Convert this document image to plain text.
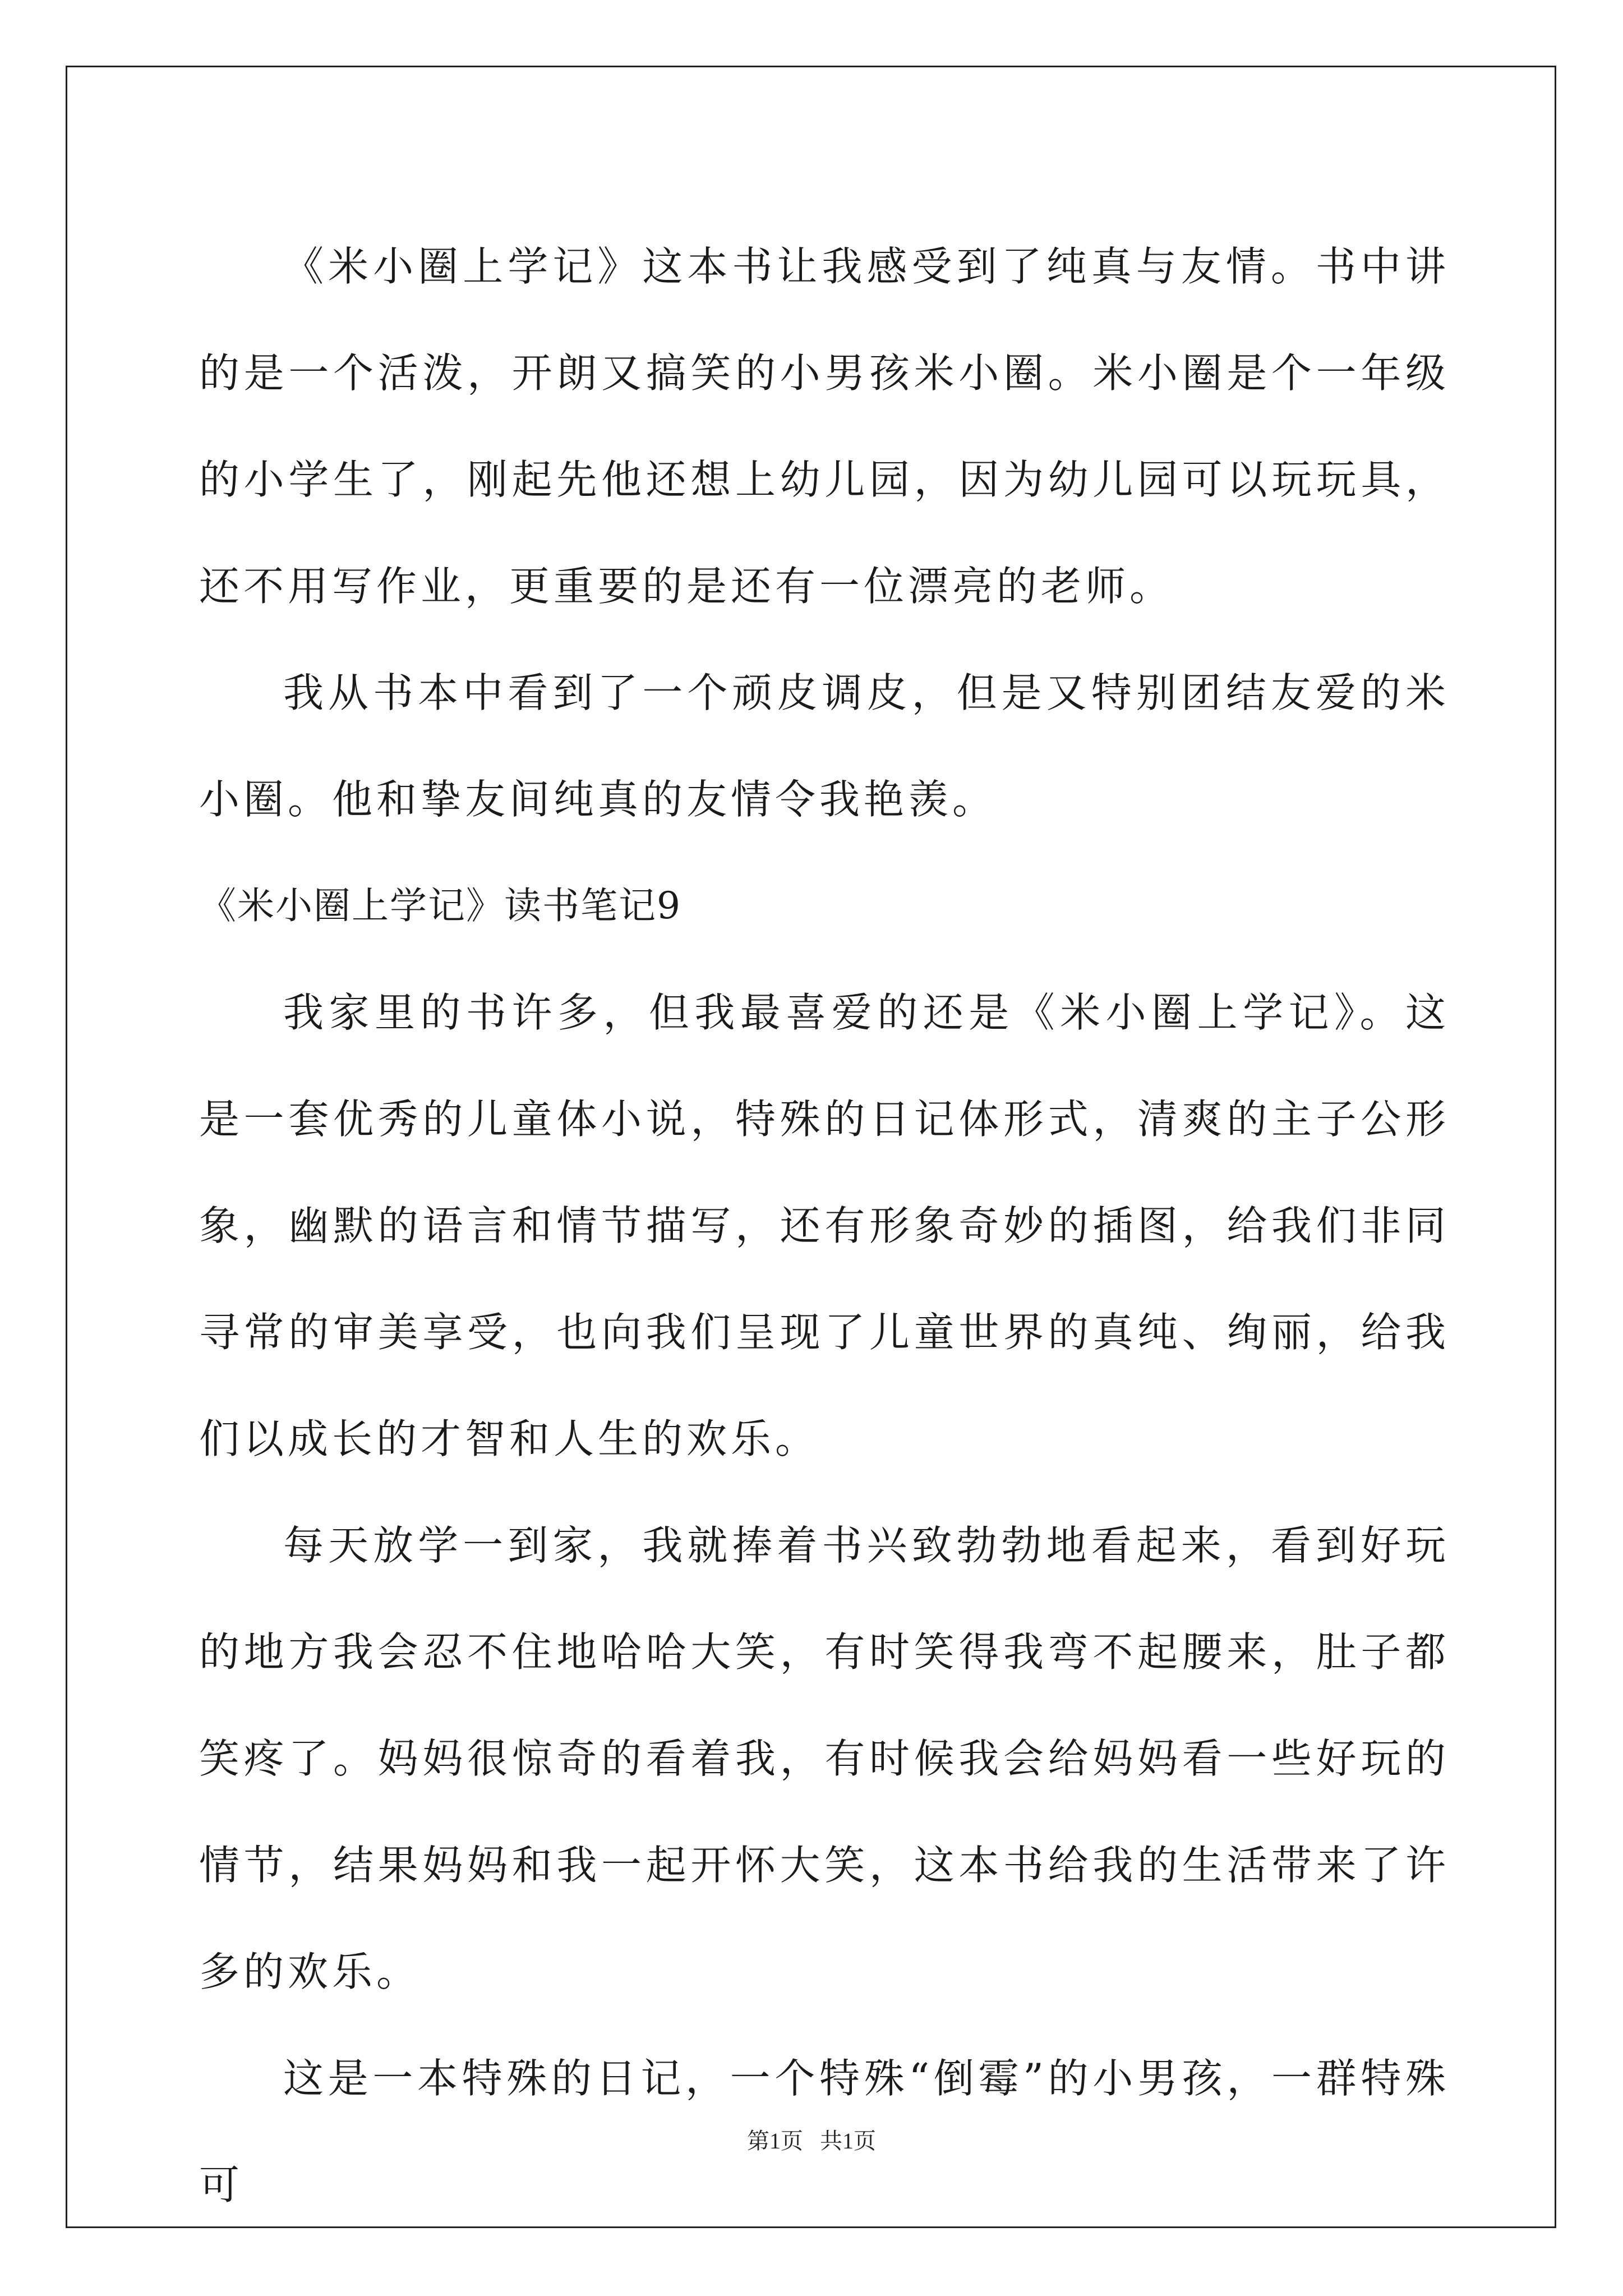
《米小圈上学记》这本书让我感受到了纯真与友情。书中讲的是一个活泼，开朗又搞笑的小男孩米小圈。米小圈是个一年级的小学生了，刚起先他还想上幼儿园，因为幼儿园可以玩玩具，还不用写作业，更重要的是还有一位漂亮的老师。

我从书本中看到了一个顽皮调皮，但是又特别团结友爱的米小圈。他和挚友间纯真的友情令我艳羡。

《米小圈上学记》读书笔记9

我家里的书许多，但我最喜爱的还是《米小圈上学记》。这是一套优秀的儿童体小说，特殊的日记体形式，清爽的主子公形象，幽默的语言和情节描写，还有形象奇妙的插图，给我们非同寻常的审美享受，也向我们呈现了儿童世界的真纯、绚丽，给我们以成长的才智和人生的欢乐。

每天放学一到家，我就捧着书兴致勃勃地看起来，看到好玩的地方我会忍不住地哈哈大笑，有时笑得我弯不起腰来，肚子都笑疼了。妈妈很惊奇的看着我，有时候我会给妈妈看一些好玩的情节，结果妈妈和我一起开怀大笑，这本书给我的生活带来了许多的欢乐。

这是一本特殊的日记，一个特殊“倒霉”的小男孩，一群特殊可

第1页   共1页
